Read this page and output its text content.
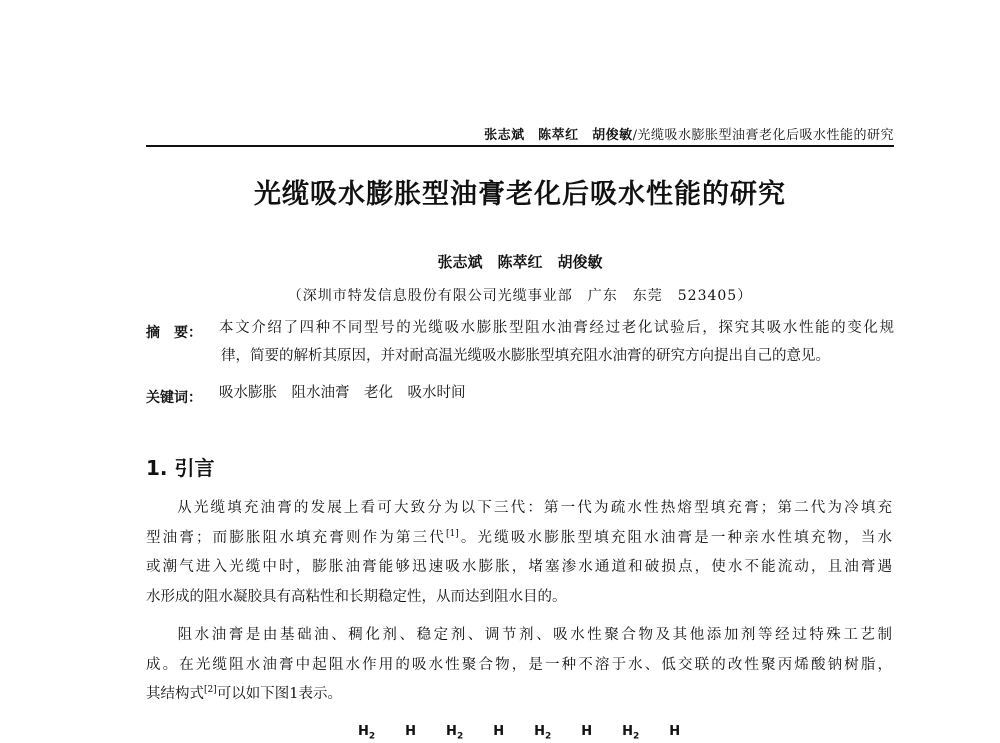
张志斌　陈萃红　胡俊敏/光缆吸水膨胀型油膏老化后吸水性能的研究
光缆吸水膨胀型油膏老化后吸水性能的研究
张志斌　陈萃红　胡俊敏
（深圳市特发信息股份有限公司光缆事业部　广东　东莞　523405）
摘　要： 本文介绍了四种不同型号的光缆吸水膨胀型阻水油膏经过老化试验后，探究其吸水性能的变化规
律，简要的解析其原因，并对耐高温光缆吸水膨胀型填充阻水油膏的研究方向提出自己的意见。
关键词： 吸水膨胀　阻水油膏　老化　吸水时间
1. 引言
从光缆填充油膏的发展上看可大致分为以下三代：第一代为疏水性热熔型填充膏；第二代为冷填充
型油膏；而膨胀阻水填充膏则作为第三代[1]。光缆吸水膨胀型填充阻水油膏是一种亲水性填充物，当水
或潮气进入光缆中时，膨胀油膏能够迅速吸水膨胀，堵塞渗水通道和破损点，使水不能流动，且油膏遇
水形成的阻水凝胶具有高粘性和长期稳定性，从而达到阻水目的。
阻水油膏是由基础油、稠化剂、稳定剂、调节剂、吸水性聚合物及其他添加剂等经过特殊工艺制
成。在光缆阻水油膏中起阻水作用的吸水性聚合物，是一种不溶于水、低交联的改性聚丙烯酸钠树脂，
其结构式[2]可以如下图1表示。
$H_2$ H $H_2$ H $H_2$ H $H_2$ H
